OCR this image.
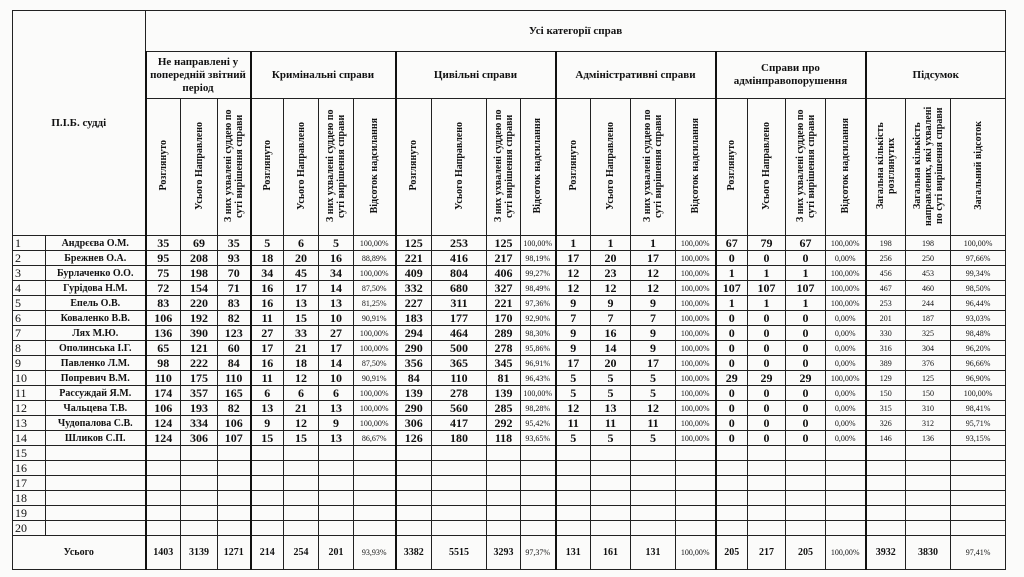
П.І.Б. судді		Усі категорії справ																					
		Не направлені у попередній звітний період			Кримінальні справи				Цивільні справи				Адміністративні справи				Справи про адмінправопорушення				Підсумок		
		Розглянуто	Усього Направлено	З них ухвалені суддею по суті вирішення справи	Розглянуто	Усього Направлено	З них ухвалені суддею по суті вирішення справи	Відсоток надсилання	Розглянуто	Усього Направлено	З них ухвалені суддею по суті вирішення справи	Відсоток надсилання	Розглянуто	Усього Направлено	З них ухвалені суддею по суті вирішення справи	Відсоток надсилання	Розглянуто	Усього Направлено	З них ухвалені суддею по суті вирішення справи	Відсоток надсилання	Загальна кількість розглянутих	Загальна кількість направлених, які ухвалені по суті вирішення справи	Загальний відсоток
1	Андрєєва О.М.	35	69	35	5	6	5	100,00%	125	253	125	100,00%	1	1	1	100,00%	67	79	67	100,00%	198	198	100,00%
2	Брежнев О.А.	95	208	93	18	20	16	88,89%	221	416	217	98,19%	17	20	17	100,00%	0	0	0	0,00%	256	250	97,66%
3	Бурлаченко О.О.	75	198	70	34	45	34	100,00%	409	804	406	99,27%	12	23	12	100,00%	1	1	1	100,00%	456	453	99,34%
4	Гурідова Н.М.	72	154	71	16	17	14	87,50%	332	680	327	98,49%	12	12	12	100,00%	107	107	107	100,00%	467	460	98,50%
5	Епель О.В.	83	220	83	16	13	13	81,25%	227	311	221	97,36%	9	9	9	100,00%	1	1	1	100,00%	253	244	96,44%
6	Коваленко В.В.	106	192	82	11	15	10	90,91%	183	177	170	92,90%	7	7	7	100,00%	0	0	0	0,00%	201	187	93,03%
7	Лях М.Ю.	136	390	123	27	33	27	100,00%	294	464	289	98,30%	9	16	9	100,00%	0	0	0	0,00%	330	325	98,48%
8	Ополинська І.Г.	65	121	60	17	21	17	100,00%	290	500	278	95,86%	9	14	9	100,00%	0	0	0	0,00%	316	304	96,20%
9	Павленко Л.М.	98	222	84	16	18	14	87,50%	356	365	345	96,91%	17	20	17	100,00%	0	0	0	0,00%	389	376	96,66%
10	Попревич В.М.	110	175	110	11	12	10	90,91%	84	110	81	96,43%	5	5	5	100,00%	29	29	29	100,00%	129	125	96,90%
11	Рассуждай Я.М.	174	357	165	6	6	6	100,00%	139	278	139	100,00%	5	5	5	100,00%	0	0	0	0,00%	150	150	100,00%
12	Чальцева Т.В.	106	193	82	13	21	13	100,00%	290	560	285	98,28%	12	13	12	100,00%	0	0	0	0,00%	315	310	98,41%
13	Чудопалова С.В.	124	334	106	9	12	9	100,00%	306	417	292	95,42%	11	11	11	100,00%	0	0	0	0,00%	326	312	95,71%
14	Шликов С.П.	124	306	107	15	15	13	86,67%	126	180	118	93,65%	5	5	5	100,00%	0	0	0	0,00%	146	136	93,15%
15																							
16																							
17																							
18																							
19																							
20																							
Усього		1403	3139	1271	214	254	201	93,93%	3382	5515	3293	97,37%	131	161	131	100,00%	205	217	205	100,00%	3932	3830	97,41%
